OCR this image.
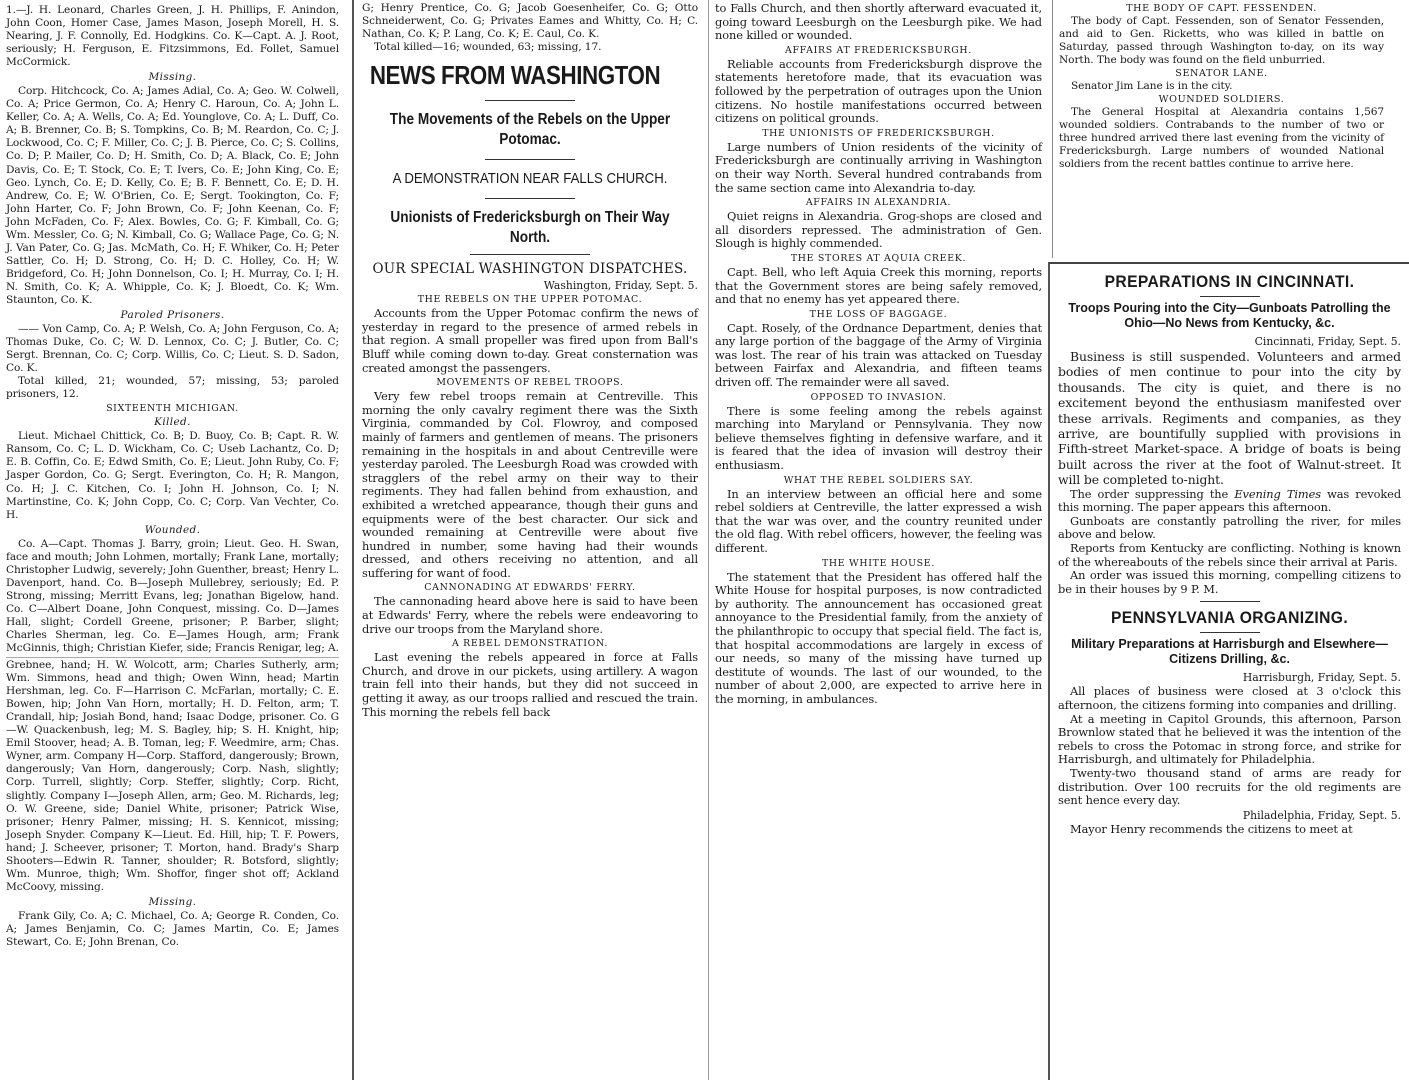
1.—J. H. Leonard, Charles Green, J. H. Phillips, F. Anindon, John Coon, Homer Case, James Mason, Joseph Morell, H. S. Nearing, J. F. Connolly, Ed. Hodgkins. Co. K—Capt. A. J. Root, seriously; H. Ferguson, E. Fitzsimmons, Ed. Follet, Samuel McCormick.

Missing.

Corp. Hitchcock, Co. A; James Adial, Co. A; Geo. W. Colwell, Co. A; Price Germon, Co. A; Henry C. Haroun, Co. A; John L. Keller, Co. A; A. Wells, Co. A; Ed. Younglove, Co. A; L. Duff, Co. A; B. Brenner, Co. B; S. Tompkins, Co. B; M. Reardon, Co. C; J. Lockwood, Co. C; F. Miller, Co. C; J. B. Pierce, Co. C; S. Collins, Co. D; P. Mailer, Co. D; H. Smith, Co. D; A. Black, Co. E; John Davis, Co. E; T. Stock, Co. E; T. Ivers, Co. E; John King, Co. E; Geo. Lynch, Co. E; D. Kelly, Co. E; B. F. Bennett, Co. E; D. H. Andrew, Co. E; W. O'Brien, Co. E; Sergt. Tookington, Co. F; John Harter, Co. F; John Brown, Co. F; John Keenan, Co. F; John McFaden, Co. F; Alex. Bowles, Co. G; F. Kimball, Co. G; Wm. Messler, Co. G; N. Kimball, Co. G; Wallace Page, Co. G; N. J. Van Pater, Co. G; Jas. McMath, Co. H; F. Whiker, Co. H; Peter Sattler, Co. H; D. Strong, Co. H; D. C. Holley, Co. H; W. Bridgeford, Co. H; John Donnelson, Co. I; H. Murray, Co. I; H. N. Smith, Co. K; A. Whipple, Co. K; J. Bloedt, Co. K; Wm. Staunton, Co. K.

Paroled Prisoners.

—— Von Camp, Co. A; P. Welsh, Co. A; John Ferguson, Co. A; Thomas Duke, Co. C; W. D. Lennox, Co. C; J. Butler, Co. C; Sergt. Brennan, Co. C; Corp. Willis, Co. C; Lieut. S. D. Sadon, Co. K.

Total killed, 21; wounded, 57; missing, 53; paroled prisoners, 12.

SIXTEENTH MICHIGAN.

Killed.

Lieut. Michael Chittick, Co. B; D. Buoy, Co. B; Capt. R. W. Ransom, Co. C; L. D. Wickham, Co. C; Useb Lachantz, Co. D; E. B. Coffin, Co. E; Edwd Smith, Co. E; Lieut. John Ruby, Co. F; Jasper Gordon, Co. G; Sergt. Everington, Co. H; R. Mangon, Co. H; J. C. Kitchen, Co. I; John H. Johnson, Co. I; N. Martinstine, Co. K; John Copp, Co. C; Corp. Van Vechter, Co. H.

Wounded.

Co. A—Capt. Thomas J. Barry, groin; Lieut. Geo. H. Swan, face and mouth; John Lohmen, mortally; Frank Lane, mortally; Christopher Ludwig, severely; John Guenther, breast; Henry L. Davenport, hand. Co. B—Joseph Mullebrey, seriously; Ed. P. Strong, missing; Merritt Evans, leg; Jonathan Bigelow, hand. Co. C—Albert Doane, John Conquest, missing. Co. D—James Hall, slight; Cordell Greene, prisoner; P. Barber, slight; Charles Sherman, leg. Co. E—James Hough, arm; Frank McGinnis, thigh; Christian Kiefer, side; Francis Renigar, leg; A.

Grebnee, hand; H. W. Wolcott, arm; Charles Sutherly, arm; Wm. Simmons, head and thigh; Owen Winn, head; Martin Hershman, leg. Co. F—Harrison C. McFarlan, mortally; C. E. Bowen, hip; John Van Horn, mortally; H. D. Felton, arm; T. Crandall, hip; Josiah Bond, hand; Isaac Dodge, prisoner. Co. G—W. Quackenbush, leg; M. S. Bagley, hip; S. H. Knight, hip; Emil Stoover, head; A. B. Toman, leg; F. Weedmire, arm; Chas. Wyner, arm. Company H—Corp. Stafford, dangerously; Brown, dangerously; Van Horn, dangerously; Corp. Nash, slightly; Corp. Turrell, slightly; Corp. Steffer, slightly; Corp. Richt, slightly. Company I—Joseph Allen, arm; Geo. M. Richards, leg; O. W. Greene, side; Daniel White, prisoner; Patrick Wise, prisoner; Henry Palmer, missing; H. S. Kennicot, missing; Joseph Snyder. Company K—Lieut. Ed. Hill, hip; T. F. Powers, hand; J. Scheever, prisoner; T. Morton, hand. Brady's Sharp Shooters—Edwin R. Tanner, shoulder; R. Botsford, slightly; Wm. Munroe, thigh; Wm. Shoffor, finger shot off; Ackland McCoovy, missing.

Missing.

Frank Gily, Co. A; C. Michael, Co. A; George R. Conden, Co. A; James Benjamin, Co. C; James Martin, Co. E; James Stewart, Co. E; John Brenan, Co.

G; Henry Prentice, Co. G; Jacob Goesenheifer, Co. G; Otto Schneiderwent, Co. G; Privates Eames and Whitty, Co. H; C. Nathan, Co. K; P. Lang, Co. K; E. Caul, Co. K.

Total killed—16; wounded, 63; missing, 17.

NEWS FROM WASHINGTON
The Movements of the Rebels on the Upper Potomac.
A DEMONSTRATION NEAR FALLS CHURCH.
Unionists of Fredericksburgh on Their Way North.
OUR SPECIAL WASHINGTON DISPATCHES.
Washington, Friday, Sept. 5.

THE REBELS ON THE UPPER POTOMAC.

Accounts from the Upper Potomac confirm the news of yesterday in regard to the presence of armed rebels in that region. A small propeller was fired upon from Ball's Bluff while coming down to-day. Great consternation was created amongst the passengers.

MOVEMENTS OF REBEL TROOPS.

Very few rebel troops remain at Centreville. This morning the only cavalry regiment there was the Sixth Virginia, commanded by Col. Flowroy, and composed mainly of farmers and gentlemen of means. The prisoners remaining in the hospitals in and about Centreville were yesterday paroled. The Leesburgh Road was crowded with stragglers of the rebel army on their way to their regiments. They had fallen behind from exhaustion, and exhibited a wretched appearance, though their guns and equipments were of the best character. Our sick and wounded remaining at Centreville were about five hundred in number, some having had their wounds dressed, and others receiving no attention, and all suffering for want of food.

CANNONADING AT EDWARDS' FERRY.

The cannonading heard above here is said to have been at Edwards' Ferry, where the rebels were endeavoring to drive our troops from the Maryland shore.

A REBEL DEMONSTRATION.

Last evening the rebels appeared in force at Falls Church, and drove in our pickets, using artillery. A wagon train fell into their hands, but they did not succeed in getting it away, as our troops rallied and rescued the train. This morning the rebels fell back

to Falls Church, and then shortly afterward evacuated it, going toward Leesburgh on the Leesburgh pike. We had none killed or wounded.

AFFAIRS AT FREDERICKSBURGH.

Reliable accounts from Fredericksburgh disprove the statements heretofore made, that its evacuation was followed by the perpetration of outrages upon the Union citizens. No hostile manifestations occurred between citizens on political grounds.

THE UNIONISTS OF FREDERICKSBURGH.

Large numbers of Union residents of the vicinity of Fredericksburgh are continually arriving in Washington on their way North. Several hundred contrabands from the same section came into Alexandria to-day.

AFFAIRS IN ALEXANDRIA.

Quiet reigns in Alexandria. Grog-shops are closed and all disorders repressed. The administration of Gen. Slough is highly commended.

THE STORES AT AQUIA CREEK.

Capt. Bell, who left Aquia Creek this morning, reports that the Government stores are being safely removed, and that no enemy has yet appeared there.

THE LOSS OF BAGGAGE.

Capt. Rosely, of the Ordnance Department, denies that any large portion of the baggage of the Army of Virginia was lost. The rear of his train was attacked on Tuesday between Fairfax and Alexandria, and fifteen teams driven off. The remainder were all saved.

OPPOSED TO INVASION.

There is some feeling among the rebels against marching into Maryland or Pennsylvania. They now believe themselves fighting in defensive warfare, and it is feared that the idea of invasion will destroy their enthusiasm.

WHAT THE REBEL SOLDIERS SAY.

In an interview between an official here and some rebel soldiers at Centreville, the latter expressed a wish that the war was over, and the country reunited under the old flag. With rebel officers, however, the feeling was different.

THE WHITE HOUSE.

The statement that the President has offered half the White House for hospital purposes, is now contradicted by authority. The announcement has occasioned great annoyance to the Presidential family, from the anxiety of the philanthropic to occupy that special field. The fact is, that hospital accommodations are largely in excess of our needs, so many of the missing have turned up destitute of wounds. The last of our wounded, to the number of about 2,000, are expected to arrive here in the morning, in ambulances.

THE BODY OF CAPT. FESSENDEN.

The body of Capt. Fessenden, son of Senator Fessenden, and aid to Gen. Ricketts, who was killed in battle on Saturday, passed through Washington to-day, on its way North. The body was found on the field unburried.

SENATOR LANE.

Senator Jim Lane is in the city.

WOUNDED SOLDIERS.

The General Hospital at Alexandria contains 1,567 wounded soldiers. Contrabands to the number of two or three hundred arrived there last evening from the vicinity of Fredericksburgh. Large numbers of wounded National soldiers from the recent battles continue to arrive here.

PREPARATIONS IN CINCINNATI.
Troops Pouring into the City—Gunboats Patrolling the Ohio—No News from Kentucky, &c.
Cincinnati, Friday, Sept. 5.

Business is still suspended. Volunteers and armed bodies of men continue to pour into the city by thousands. The city is quiet, and there is no excitement beyond the enthusiasm manifested over these arrivals. Regiments and companies, as they arrive, are bountifully supplied with provisions in Fifth-street Market-space. A bridge of boats is being built across the river at the foot of Walnut-street. It will be completed to-night.

The order suppressing the Evening Times was revoked this morning. The paper appears this afternoon.

Gunboats are constantly patrolling the river, for miles above and below.

Reports from Kentucky are conflicting. Nothing is known of the whereabouts of the rebels since their arrival at Paris.

An order was issued this morning, compelling citizens to be in their houses by 9 P. M.

PENNSYLVANIA ORGANIZING.
Military Preparations at Harrisburgh and Elsewhere—Citizens Drilling, &c.
Harrisburgh, Friday, Sept. 5.

All places of business were closed at 3 o'clock this afternoon, the citizens forming into companies and drilling.

At a meeting in Capitol Grounds, this afternoon, Parson Brownlow stated that he believed it was the intention of the rebels to cross the Potomac in strong force, and strike for Harrisburgh, and ultimately for Philadelphia.

Twenty-two thousand stand of arms are ready for distribution. Over 100 recruits for the old regiments are sent hence every day.

Philadelphia, Friday, Sept. 5.

Mayor Henry recommends the citizens to meet at
